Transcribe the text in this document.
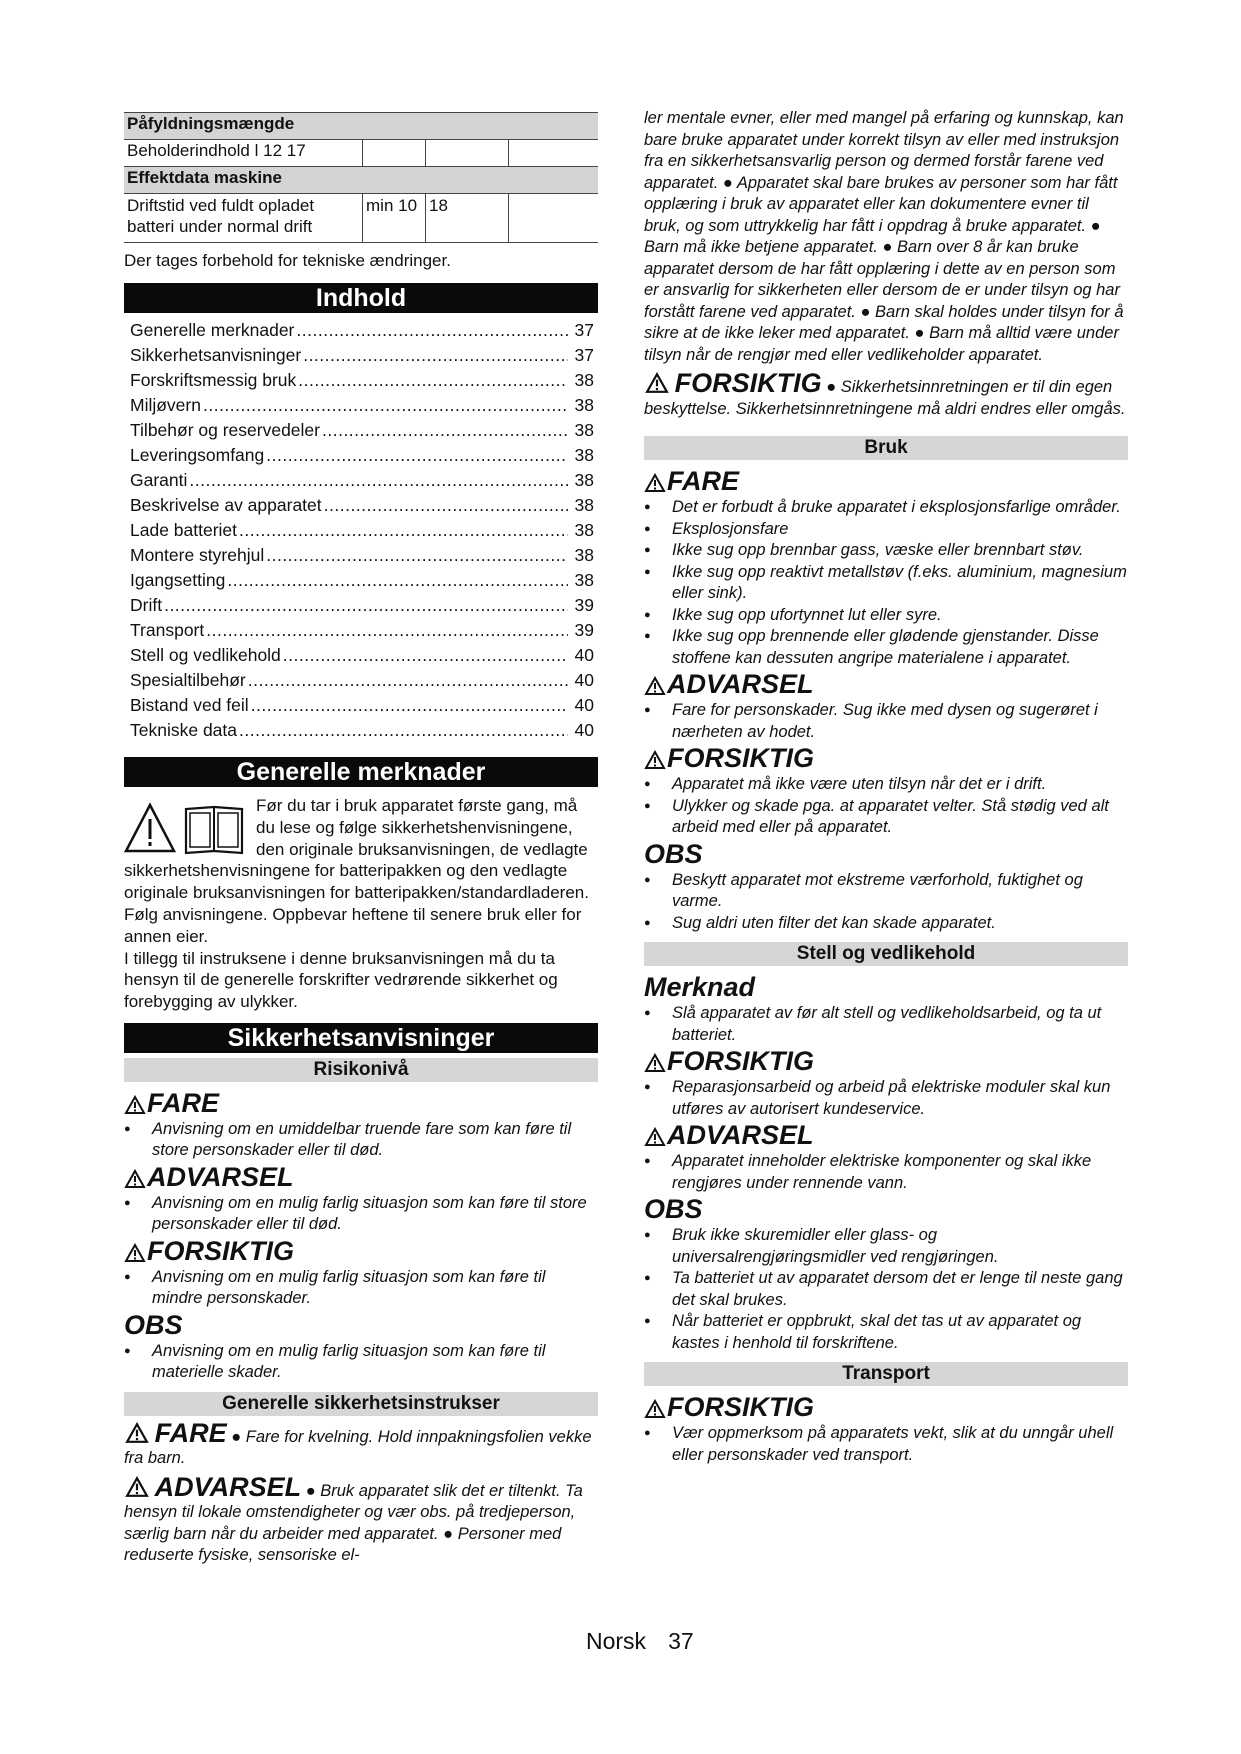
Påfyldningsmængde			
Beholderindhold l 12 17			
Effektdata maskine			
Driftstid ved fuldt opladet batteri under normal drift	min 10	18	
Der tages forbehold for tekniske ændringer.
Indhold
Generelle merknader .....	37
Sikkerhetsanvisninger .....	37
Forskriftsmessig bruk .....	38
Miljøvern .....	38
Tilbehør og reservedeler .....	38
Leveringsomfang .....	38
Garanti .....	38
Beskrivelse av apparatet .....	38
Lade batteriet .....	38
Montere styrehjul .....	38
Igangsetting .....	38
Drift .....	39
Transport .....	39
Stell og vedlikehold .....	40
Spesialtilbehør .....	40
Bistand ved feil .....	40
Tekniske data .....	40
Generelle merknader

Før du tar i bruk apparatet første gang, må du lese og følge sikkerhetshenvisningene, den originale bruksanvisningen, de vedlagte sikkerhetshenvisningene for batteripakken og den vedlagte originale bruksanvisningen for batteripakken/standardladeren. Følg anvisningene. Oppbevar heftene til senere bruk eller for annen eier.

I tillegg til instruksene i denne bruksanvisningen må du ta hensyn til de generelle forskrifter vedrørende sikkerhet og forebygging av ulykker.

Sikkerhetsanvisninger
Risikonivå
FARE
● Anvisning om en umiddelbar truende fare som kan føre til store personskader eller til død.
ADVARSEL
● Anvisning om en mulig farlig situasjon som kan føre til store personskader eller til død.
FORSIKTIG
● Anvisning om en mulig farlig situasjon som kan føre til mindre personskader.
OBS
● Anvisning om en mulig farlig situasjon som kan føre til materielle skader.
Generelle sikkerhetsinstrukser

FARE ● Fare for kvelning. Hold innpakningsfolien vekke fra barn.

ADVARSEL ● Bruk apparatet slik det er tiltenkt. Ta hensyn til lokale omstendigheter og vær obs. på tredjeperson, særlig barn når du arbeider med apparatet. ● Personer med reduserte fysiske, sensoriske el-

ler mentale evner, eller med mangel på erfaring og kunnskap, kan bare bruke apparatet under korrekt tilsyn av eller med instruksjon fra en sikkerhetsansvarlig person og dermed forstår farene ved apparatet. ● Apparatet skal bare brukes av personer som har fått opplæring i bruk av apparatet eller kan dokumentere evner til bruk, og som uttrykkelig har fått i oppdrag å bruke apparatet. ● Barn må ikke betjene apparatet. ● Barn over 8 år kan bruke apparatet dersom de har fått opplæring i dette av en person som er ansvarlig for sikkerheten eller dersom de er under tilsyn og har forstått farene ved apparatet. ● Barn skal holdes under tilsyn for å sikre at de ikke leker med apparatet. ● Barn må alltid være under tilsyn når de rengjør med eller vedlikeholder apparatet.

FORSIKTIG ● Sikkerhetsinnretningen er til din egen beskyttelse. Sikkerhetsinnretningene må aldri endres eller omgås.

Bruk
FARE
● Det er forbudt å bruke apparatet i eksplosjonsfarlige områder.
● Eksplosjonsfare
● Ikke sug opp brennbar gass, væske eller brennbart støv.
● Ikke sug opp reaktivt metallstøv (f.eks. aluminium, magnesium eller sink).
● Ikke sug opp ufortynnet lut eller syre.
● Ikke sug opp brennende eller glødende gjenstander. Disse stoffene kan dessuten angripe materialene i apparatet.
ADVARSEL
● Fare for personskader. Sug ikke med dysen og sugerøret i nærheten av hodet.
FORSIKTIG
● Apparatet må ikke være uten tilsyn når det er i drift.
● Ulykker og skade pga. at apparatet velter. Stå stødig ved alt arbeid med eller på apparatet.
OBS
● Beskytt apparatet mot ekstreme værforhold, fuktighet og varme.
● Sug aldri uten filter det kan skade apparatet.
Stell og vedlikehold
Merknad
● Slå apparatet av før alt stell og vedlikeholdsarbeid, og ta ut batteriet.
FORSIKTIG
● Reparasjonsarbeid og arbeid på elektriske moduler skal kun utføres av autorisert kundeservice.
ADVARSEL
● Apparatet inneholder elektriske komponenter og skal ikke rengjøres under rennende vann.
OBS
● Bruk ikke skuremidler eller glass- og universalrengjøringsmidler ved rengjøringen.
● Ta batteriet ut av apparatet dersom det er lenge til neste gang det skal brukes.
● Når batteriet er oppbrukt, skal det tas ut av apparatet og kastes i henhold til forskriftene.
Transport
FORSIKTIG
● Vær oppmerksom på apparatets vekt, slik at du unngår uhell eller personskader ved transport.
Norsk 37
